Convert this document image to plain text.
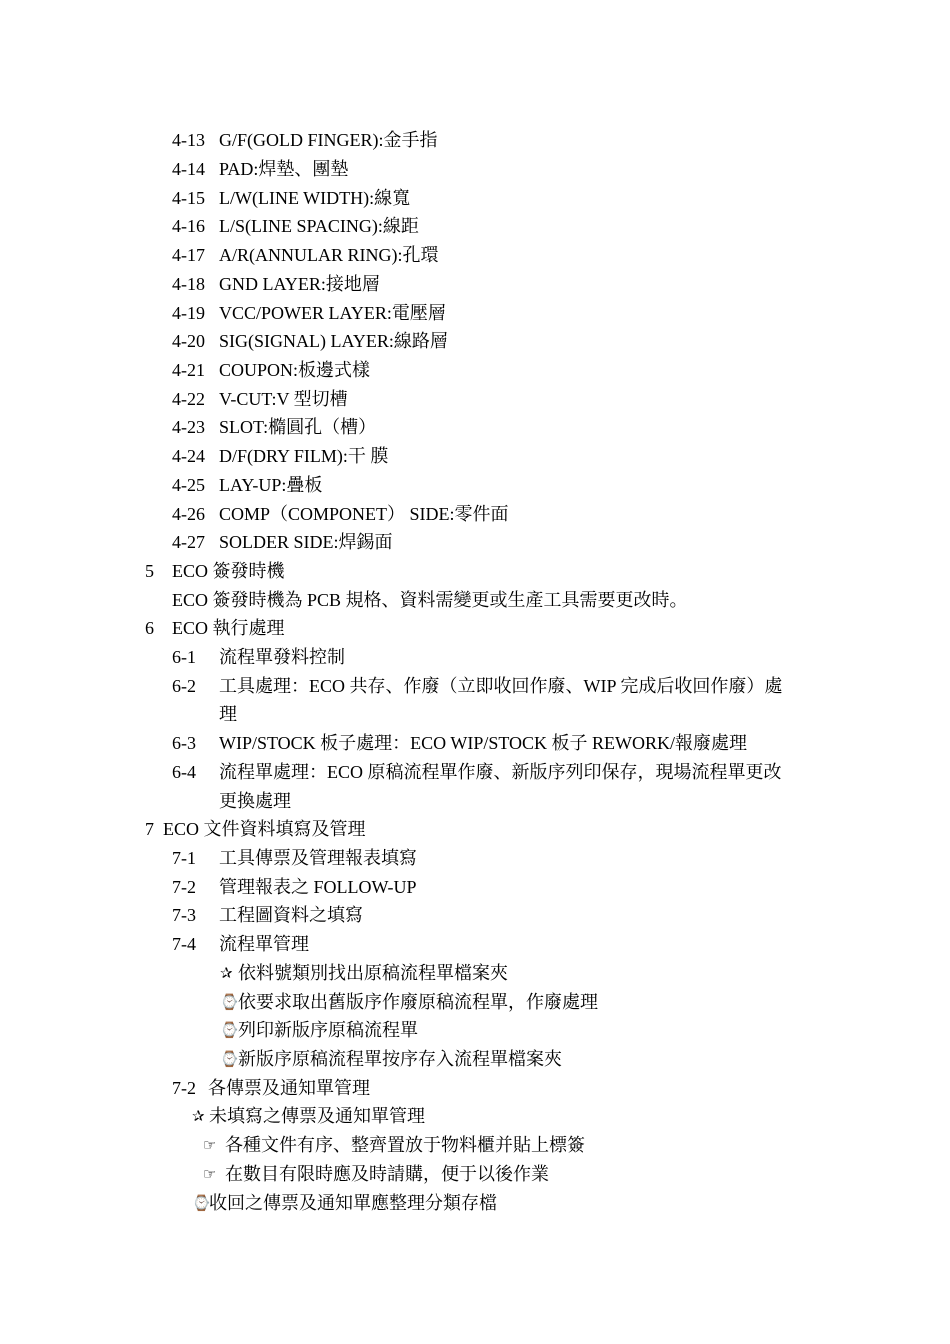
4-13 G/F(GOLD FINGER):金手指
4-14 PAD:焊墊、團墊
4-15 L/W(LINE WIDTH):線寬
4-16 L/S(LINE SPACING):線距
4-17 A/R(ANNULAR RING):孔環
4-18 GND LAYER:接地層
4-19 VCC/POWER LAYER:電壓層
4-20 SIG(SIGNAL) LAYER:線路層
4-21 COUPON:板邊式樣
4-22 V-CUT:V 型切槽
4-23 SLOT:橢圓孔（槽）
4-24 D/F(DRY FILM):干 膜
4-25 LAY-UP:疊板
4-26 COMP（COMPONET） SIDE:零件面
4-27 SOLDER SIDE:焊錫面
5 ECO 簽發時機
ECO 簽發時機為 PCB 規格、資料需變更或生產工具需要更改時。
6 ECO 執行處理
6-1 流程單發料控制
6-2 工具處理：ECO 共存、作廢（立即收回作廢、WIP 完成后收回作廢）處
理
6-3 WIP/STOCK 板子處理：ECO WIP/STOCK 板子 REWORK/報廢處理
6-4 流程單處理：ECO 原稿流程單作廢、新版序列印保存，現場流程單更改
更換處理
7 ECO 文件資料填寫及管理
7-1 工具傳票及管理報表填寫
7-2 管理報表之 FOLLOW-UP
7-3 工程圖資料之填寫
7-4 流程單管理
✰ 依料號類別找出原稿流程單檔案夾
⌚ 依要求取出舊版序作廢原稿流程單，作廢處理
⌚ 列印新版序原稿流程單
⌚ 新版序原稿流程單按序存入流程單檔案夾
7-2 各傳票及通知單管理
✰ 未填寫之傳票及通知單管理
☞ 各種文件有序、整齊置放于物料櫃并貼上標簽
☞ 在數目有限時應及時請購，便于以後作業
⌚
收回之傳票及通知單應整理分類存檔
